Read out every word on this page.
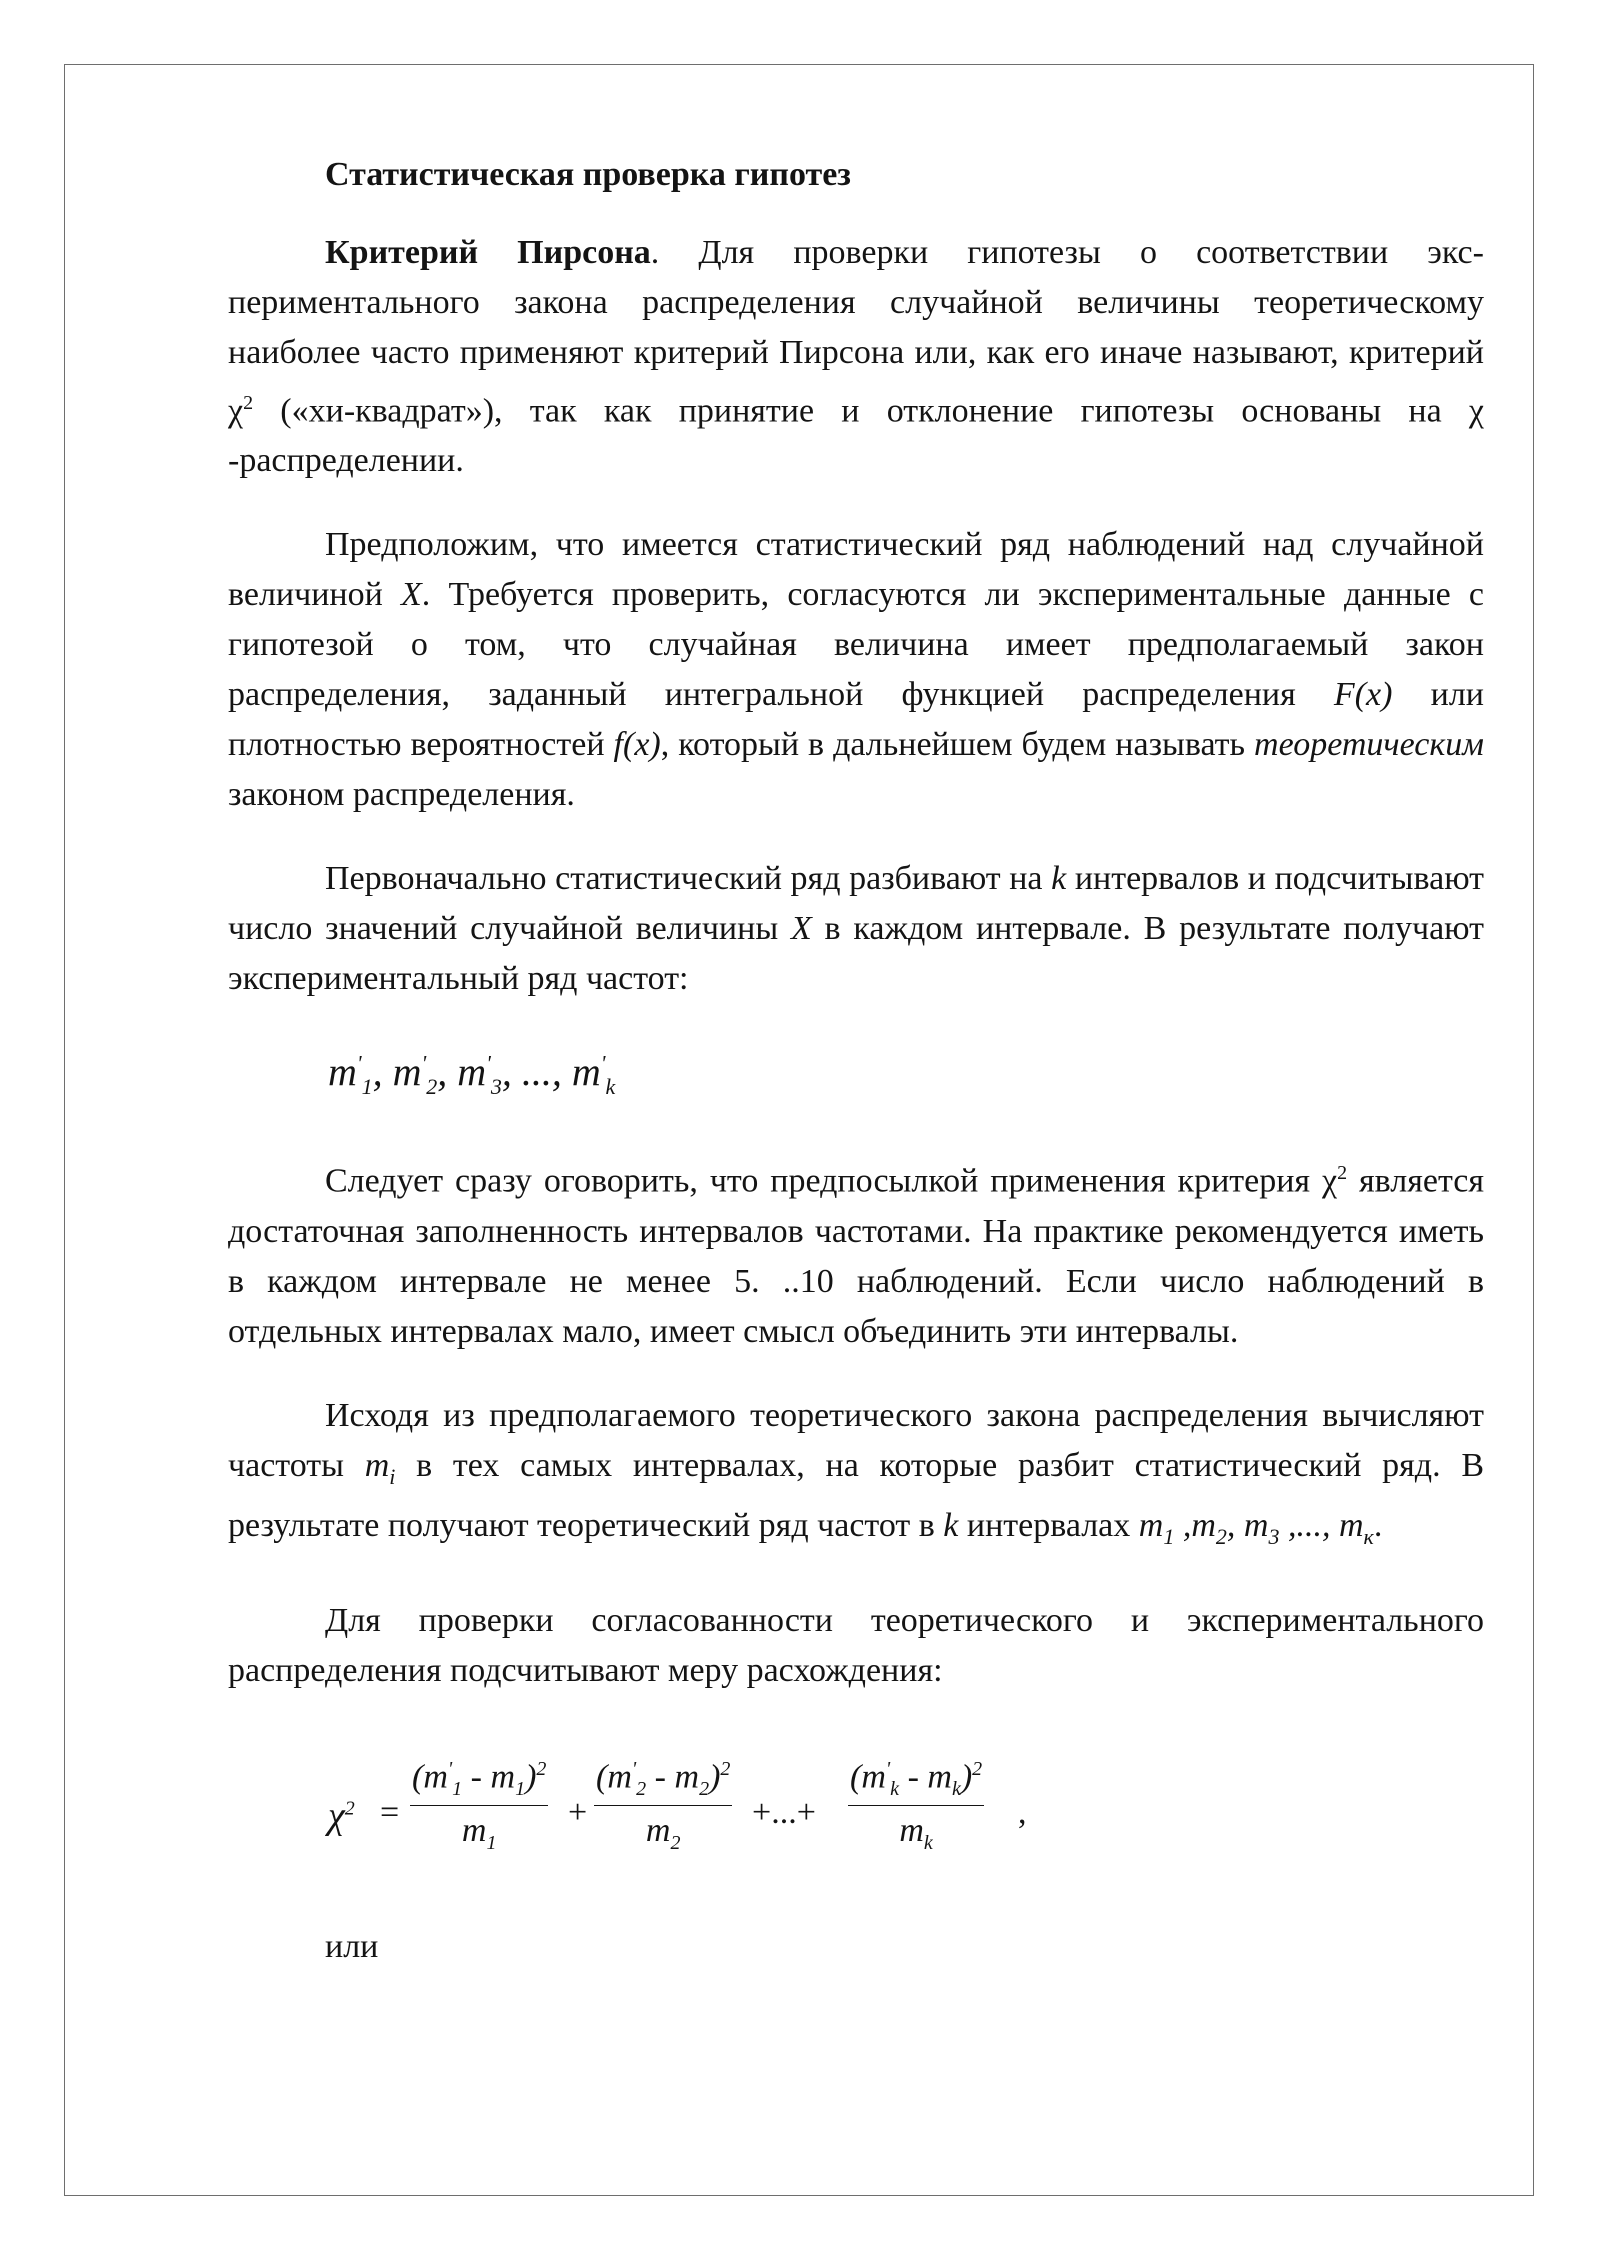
Статистическая проверка гипотез

Критерий Пирсона. Для проверки гипотезы о соответствии экспериментального закона распределения случайной величины теоретическому наиболее часто применяют критерий Пирсона или, как его иначе называют, критерий $\chi^2$ («хи-квадрат»), так как принятие и отклонение гипотезы основаны на χ -распределении.

Предположим, что имеется статистический ряд наблюдений над случайной величиной X. Требуется проверить, согласуются ли экспериментальные данные с гипотезой о том, что случайная величина имеет предполагаемый закон распределения, заданный интегральной функцией распределения F(x) или плотностью вероятностей f(x), который в дальнейшем будем называть теоретическим законом распределения.

Первоначально статистический ряд разбивают на k интервалов и подсчитывают число значений случайной величины X в каждом интервале. В результате получают экспериментальный ряд частот:

$m'_1$, $m'_2$, $m'_3$, ..., $m'_k$

Следует сразу оговорить, что предпосылкой применения критерия $\chi^2$ является достаточная заполненность интервалов частотами. На практике рекомендуется иметь в каждом интервале не менее 5. ..10 наблюдений. Если число наблюдений в отдельных интервалах мало, имеет смысл объединить эти интервалы.

Исходя из предполагаемого теоретического закона распределения вычисляют частоты $m_i$ в тех самых интервалах, на которые разбит статистический ряд. В результате получают теоретический ряд частот в k интервалах $m_1$ $,m_2$, $m_3$ ,..., $m_к$.

Для проверки согласованности теоретического и экспериментального распределения подсчитывают меру расхождения:

$\chi^2 = \frac{(m'_1 - m_1)^2}{m_1} + \frac{(m'_2 - m_2)^2}{m_2}$ +...+ $\frac{(m'_k - m_k)^2}{m_k}$ ,
или
